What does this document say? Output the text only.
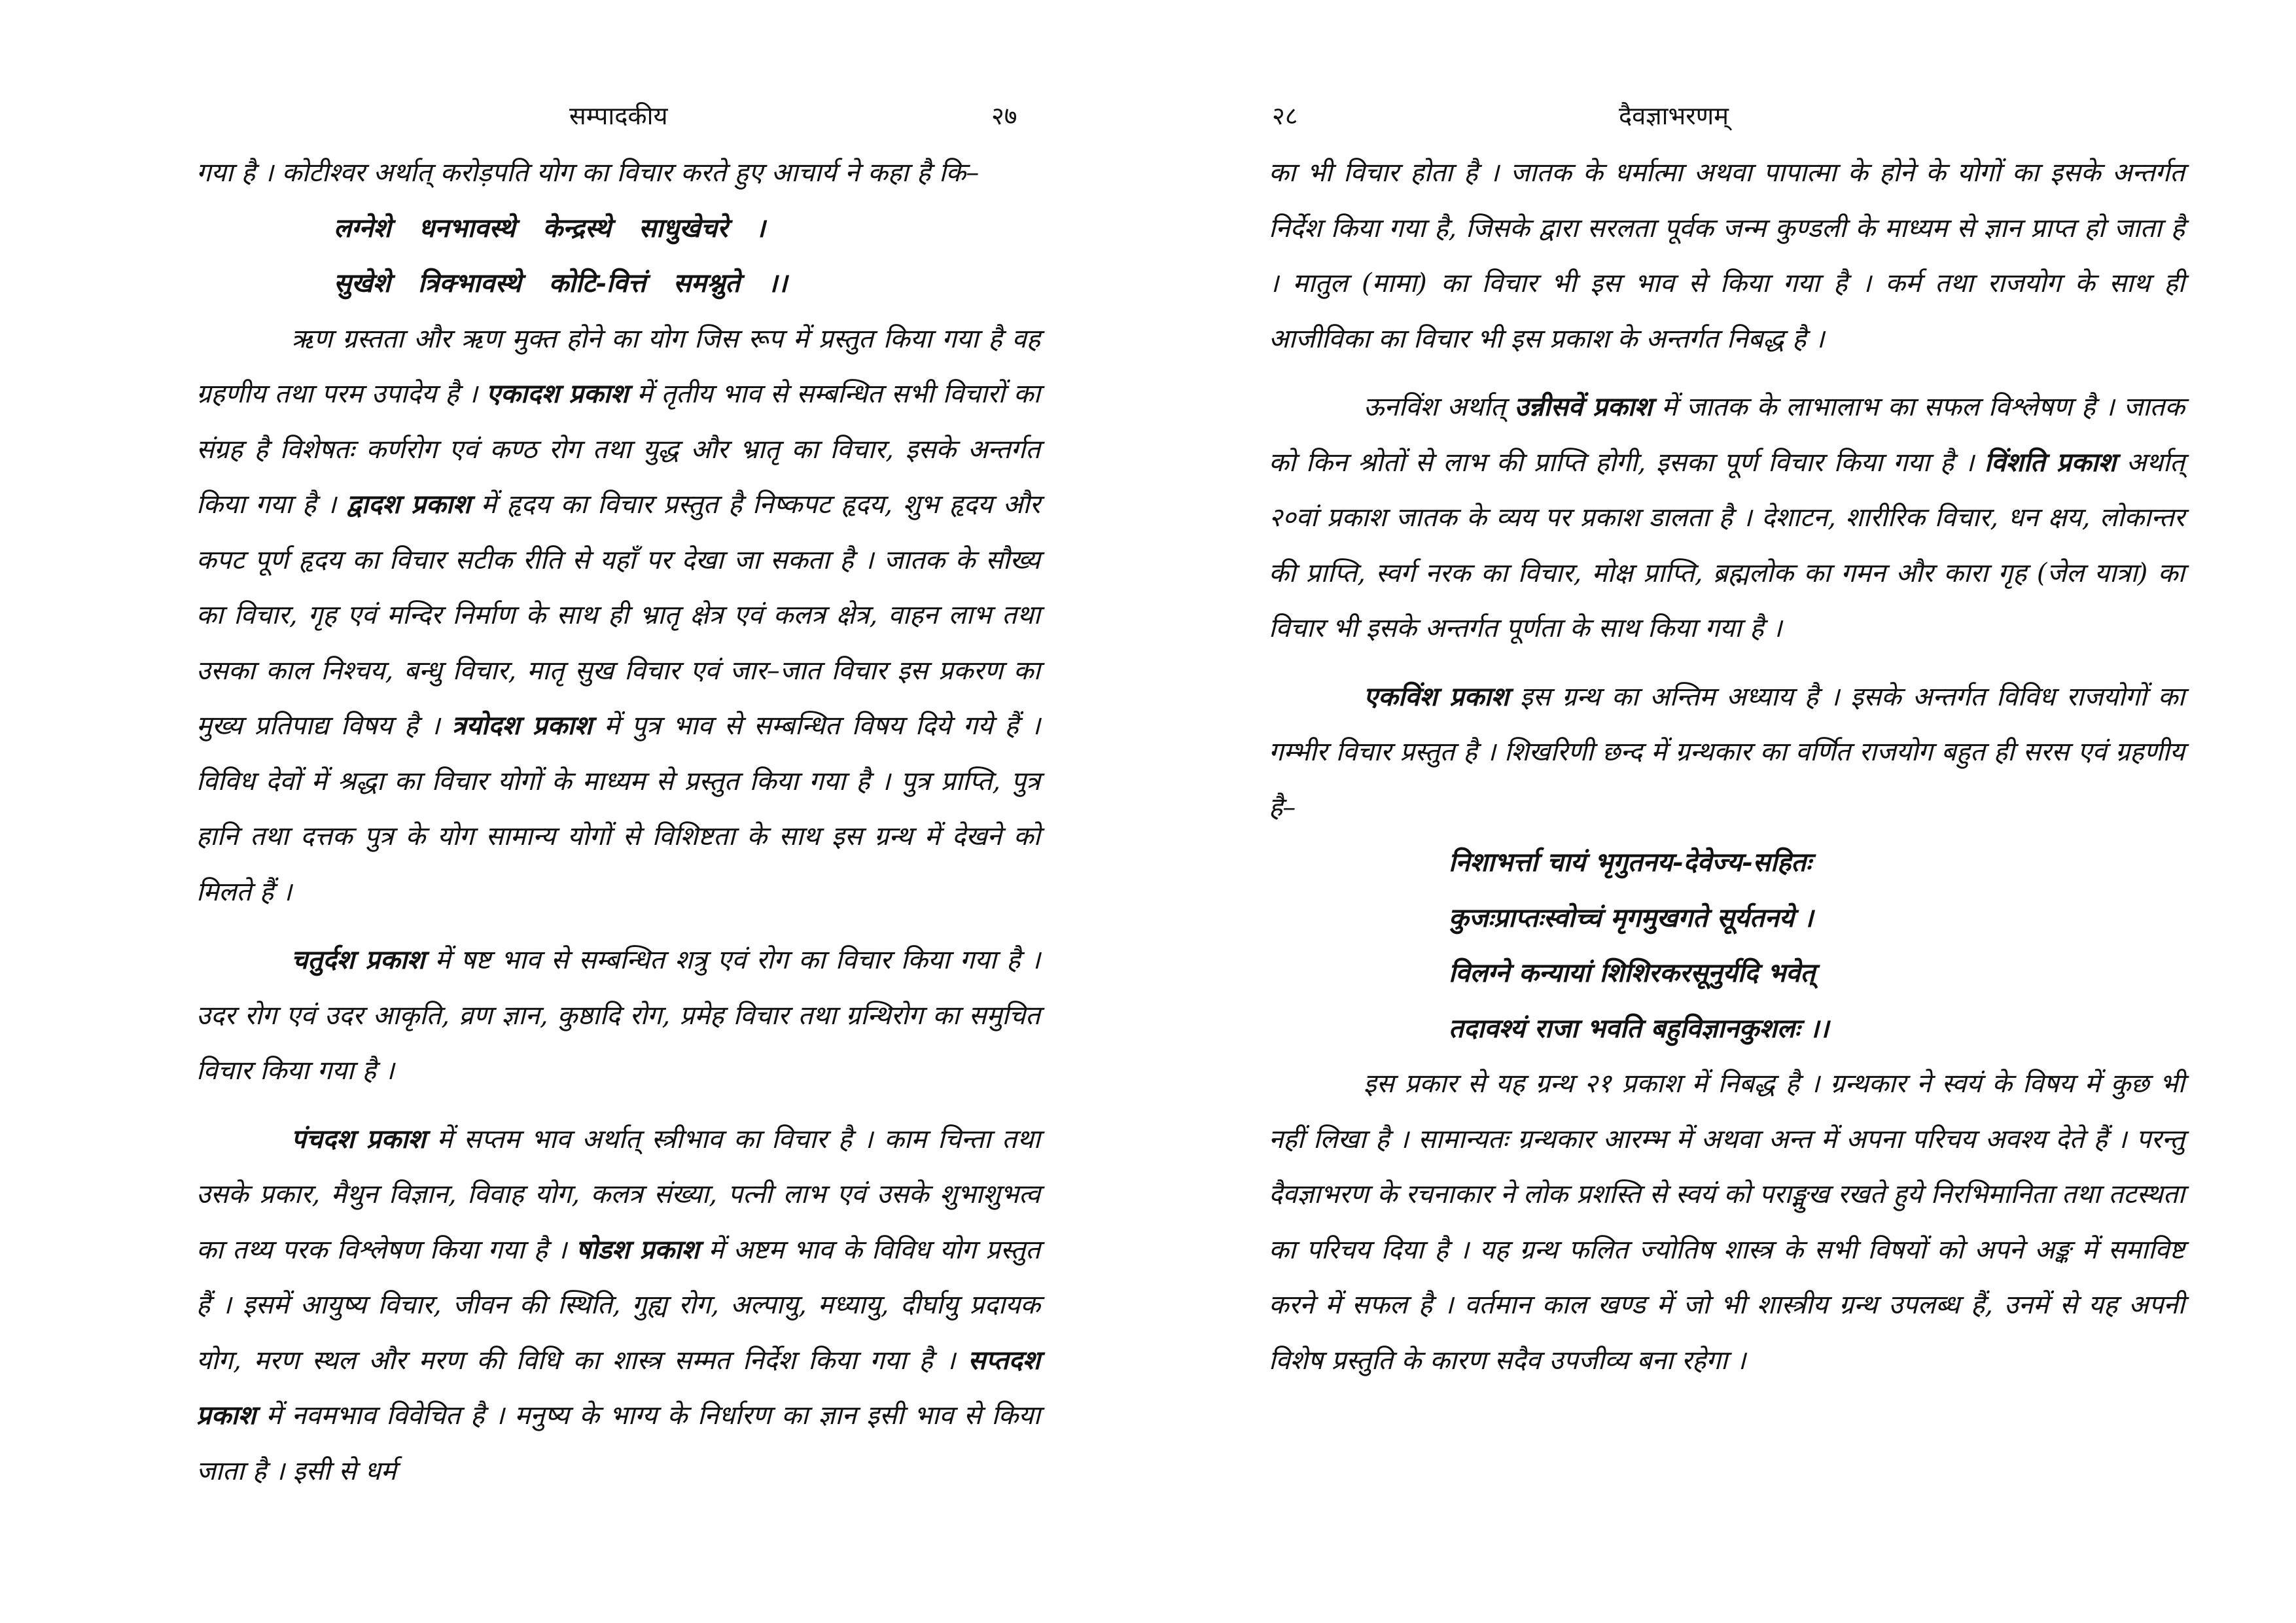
सम्पादकीय	२७

गया है । कोटीश्वर अर्थात् करोड़पति योग का विचार करते हुए आचार्य ने कहा है कि–

लग्नेशे धनभावस्थे केन्द्रस्थे साधुखेचरे ।
सुखेशे त्रिक्भावस्थे कोटि-वित्तं समश्नुते ।।

ऋण ग्रस्तता और ऋण मुक्त होने का योग जिस रूप में प्रस्तुत किया गया है वह ग्रहणीय तथा परम उपादेय है । एकादश प्रकाश में तृतीय भाव से सम्बन्धित सभी विचारों का संग्रह है विशेषतः कर्णरोग एवं कण्ठ रोग तथा युद्ध और भ्रातृ का विचार, इसके अन्तर्गत किया गया है । द्वादश प्रकाश में हृदय का विचार प्रस्तुत है निष्कपट हृदय, शुभ हृदय और कपट पूर्ण हृदय का विचार सटीक रीति से यहाँ पर देखा जा सकता है । जातक के सौख्य का विचार, गृह एवं मन्दिर निर्माण के साथ ही भ्रातृ क्षेत्र एवं कलत्र क्षेत्र, वाहन लाभ तथा उसका काल निश्चय, बन्धु विचार, मातृ सुख विचार एवं जार–जात विचार इस प्रकरण का मुख्य प्रतिपाद्य विषय है । त्रयोदश प्रकाश में पुत्र भाव से सम्बन्धित विषय दिये गये हैं । विविध देवों में श्रद्धा का विचार योगों के माध्यम से प्रस्तुत किया गया है । पुत्र प्राप्ति, पुत्र हानि तथा दत्तक पुत्र के योग सामान्य योगों से विशिष्टता के साथ इस ग्रन्थ में देखने को मिलते हैं ।

चतुर्दश प्रकाश में षष्ट भाव से सम्बन्धित शत्रु एवं रोग का विचार किया गया है । उदर रोग एवं उदर आकृति, व्रण ज्ञान, कुष्ठादि रोग, प्रमेह विचार तथा ग्रन्थिरोग का समुचित विचार किया गया है ।

पंचदश प्रकाश में सप्तम भाव अर्थात् स्त्रीभाव का विचार है । काम चिन्ता तथा उसके प्रकार, मैथुन विज्ञान, विवाह योग, कलत्र संख्या, पत्नी लाभ एवं उसके शुभाशुभत्व का तथ्य परक विश्लेषण किया गया है । षोडश प्रकाश में अष्टम भाव के विविध योग प्रस्तुत हैं । इसमें आयुष्य विचार, जीवन की स्थिति, गुह्य रोग, अल्पायु, मध्यायु, दीर्घायु प्रदायक योग, मरण स्थल और मरण की विधि का शास्त्र सम्मत निर्देश किया गया है । सप्तदश प्रकाश में नवमभाव विवेचित है । मनुष्य के भाग्य के निर्धारण का ज्ञान इसी भाव से किया जाता है । इसी से धर्म

२८	दैवज्ञाभरणम्

का भी विचार होता है । जातक के धर्मात्मा अथवा पापात्मा के होने के योगों का इसके अन्तर्गत निर्देश किया गया है, जिसके द्वारा सरलता पूर्वक जन्म कुण्डली के माध्यम से ज्ञान प्राप्त हो जाता है । मातुल (मामा) का विचार भी इस भाव से किया गया है । कर्म तथा राजयोग के साथ ही आजीविका का विचार भी इस प्रकाश के अन्तर्गत निबद्ध है ।

ऊनविंश अर्थात् उन्नीसवें प्रकाश में जातक के लाभालाभ का सफल विश्लेषण है । जातक को किन श्रोतों से लाभ की प्राप्ति होगी, इसका पूर्ण विचार किया गया है । विंशति प्रकाश अर्थात् २०वां प्रकाश जातक के व्यय पर प्रकाश डालता है । देशाटन, शारीरिक विचार, धन क्षय, लोकान्तर की प्राप्ति, स्वर्ग नरक का विचार, मोक्ष प्राप्ति, ब्रह्मलोक का गमन और कारा गृह (जेल यात्रा) का विचार भी इसके अन्तर्गत पूर्णता के साथ किया गया है ।

एकविंश प्रकाश इस ग्रन्थ का अन्तिम अध्याय है । इसके अन्तर्गत विविध राजयोगों का गम्भीर विचार प्रस्तुत है । शिखरिणी छन्द में ग्रन्थकार का वर्णित राजयोग बहुत ही सरस एवं ग्रहणीय है–

निशाभर्त्ता चायं भृगुतनय-देवेज्य-सहितः
कुजःप्राप्तःस्वोच्चं मृगमुखगते सूर्यतनये ।
विलग्ने कन्यायां शिशिरकरसूनुर्यदि भवेत्
तदावश्यं राजा भवति बहुविज्ञानकुशलः ।।

इस प्रकार से यह ग्रन्थ २१ प्रकाश में निबद्ध है । ग्रन्थकार ने स्वयं के विषय में कुछ भी नहीं लिखा है । सामान्यतः ग्रन्थकार आरम्भ में अथवा अन्त में अपना परिचय अवश्य देते हैं । परन्तु दैवज्ञाभरण के रचनाकार ने लोक प्रशस्ति से स्वयं को पराङ्मुख रखते हुये निरभिमानिता तथा तटस्थता का परिचय दिया है । यह ग्रन्थ फलित ज्योतिष शास्त्र के सभी विषयों को अपने अङ्क में समाविष्ट करने में सफल है । वर्तमान काल खण्ड में जो भी शास्त्रीय ग्रन्थ उपलब्ध हैं, उनमें से यह अपनी विशेष प्रस्तुति के कारण सदैव उपजीव्य बना रहेगा ।
